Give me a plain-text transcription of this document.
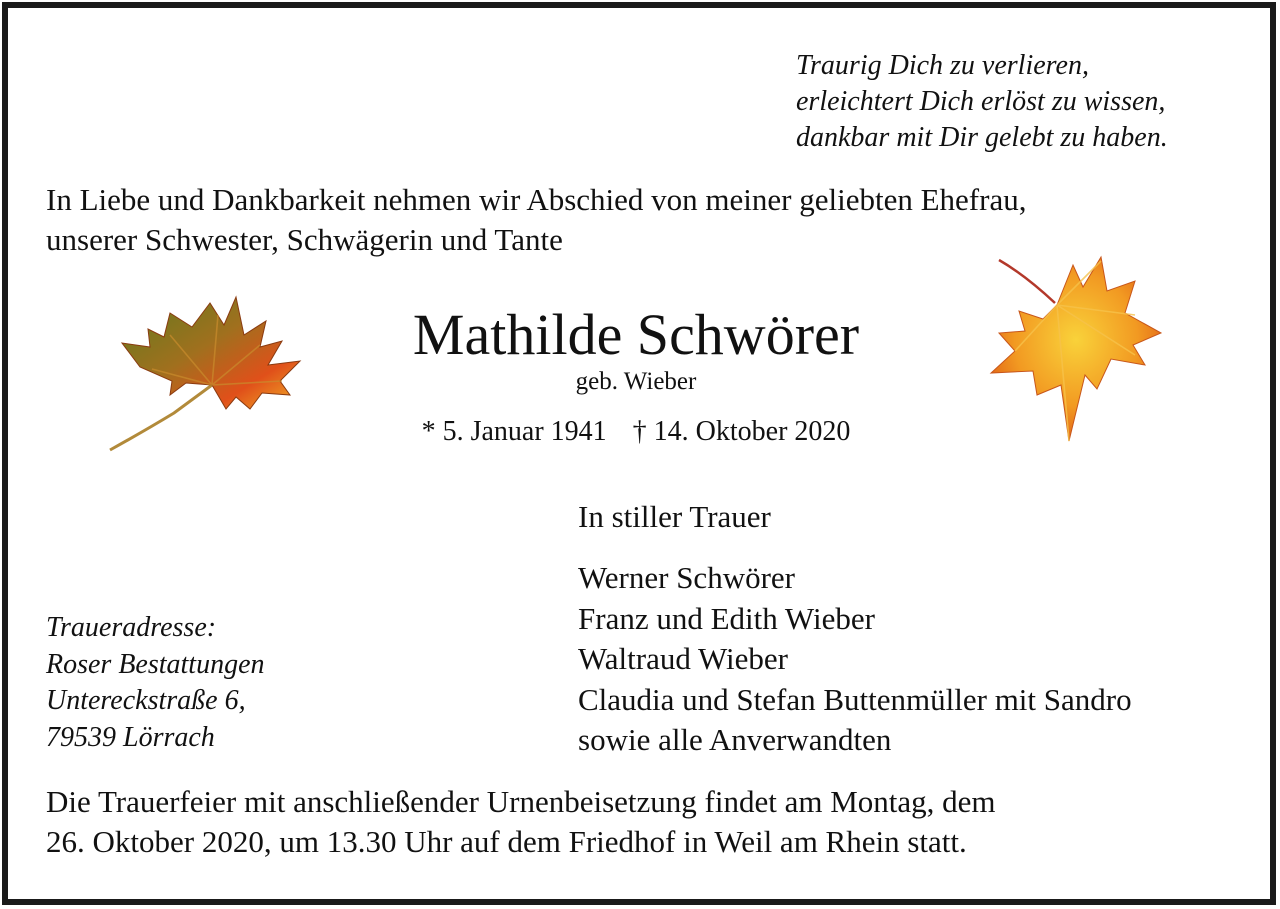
Traurig Dich zu verlieren,
erleichtert Dich erlöst zu wissen,
dankbar mit Dir gelebt zu haben.
In Liebe und Dankbarkeit nehmen wir Abschied von meiner geliebten Ehefrau,
unserer Schwester, Schwägerin und Tante
Mathilde Schwörer
geb. Wieber
* 5. Januar 1941 † 14. Oktober 2020
In stiller Trauer
Werner Schwörer
Franz und Edith Wieber
Waltraud Wieber
Claudia und Stefan Buttenmüller mit Sandro
sowie alle Anverwandten
Traueradresse:
Roser Bestattungen
Untereckstraße 6,
79539 Lörrach
Die Trauerfeier mit anschließender Urnenbeisetzung findet am Montag, dem
26. Oktober 2020, um 13.30 Uhr auf dem Friedhof in Weil am Rhein statt.
